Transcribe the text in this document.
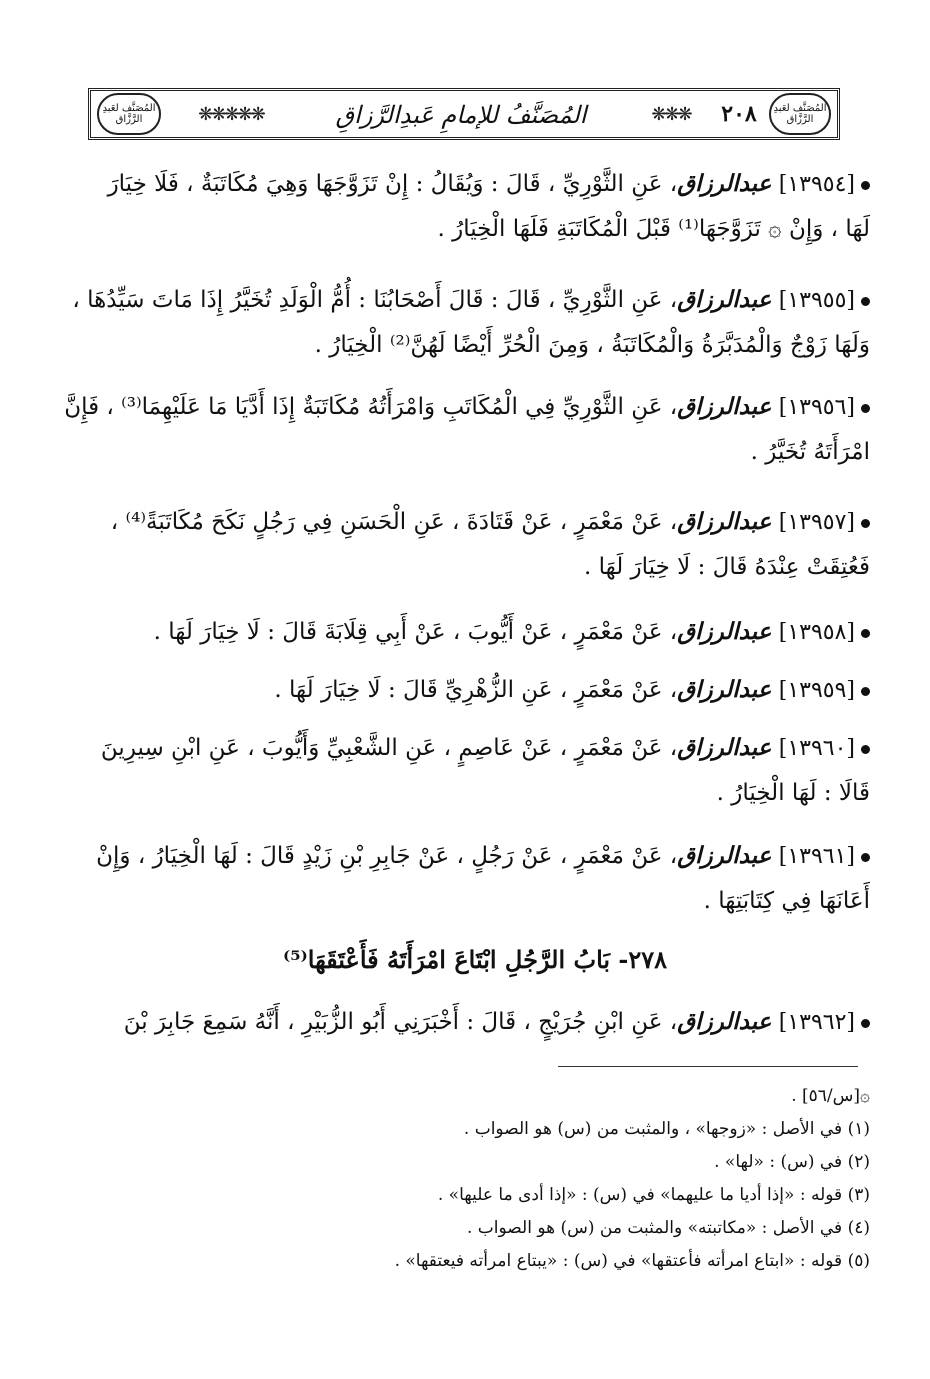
المُصَنَّف لعَبدِ الرَّزَّاق	❋❋❋❋❋	المُصَنَّفُ للإمامِ عَبدِالرَّزاقِ	❋❋❋	٢٠٨	المُصَنَّف لعَبدِ الرَّزَّاق
[١٣٩٥٤] عبدالرزاق، عَنِ الثَّوْرِيِّ ، قَالَ : وَيُقَالُ : إِنْ تَزَوَّجَهَا وَهِيَ مُكَاتَبَةٌ ، فَلَا خِيَارَ
لَهَا ، وَإِنْ ۞ تَزَوَّجَهَا⁽¹⁾ قَبْلَ الْمُكَاتَبَةِ فَلَهَا الْخِيَارُ .
[١٣٩٥٥] عبدالرزاق، عَنِ الثَّوْرِيِّ ، قَالَ : قَالَ أَصْحَابُنَا : أُمُّ الْوَلَدِ تُخَيَّرُ إِذَا مَاتَ سَيِّدُهَا ،
وَلَهَا زَوْجٌ وَالْمُدَبَّرَةُ وَالْمُكَاتَبَةُ ، وَمِنَ الْحُرِّ أَيْضًا لَهُنَّ⁽²⁾ الْخِيَارُ .
[١٣٩٥٦] عبدالرزاق، عَنِ الثَّوْرِيِّ فِي الْمُكَاتَبِ وَامْرَأَتُهُ مُكَاتَبَةٌ إِذَا أَدَّيَا مَا عَلَيْهِمَا⁽³⁾ ، فَإِنَّ
امْرَأَتَهُ تُخَيَّرُ .
[١٣٩٥٧] عبدالرزاق، عَنْ مَعْمَرٍ ، عَنْ قَتَادَةَ ، عَنِ الْحَسَنِ فِي رَجُلٍ نَكَحَ مُكَاتَبَةً⁽⁴⁾ ،
فَعُتِقَتْ عِنْدَهُ قَالَ : لَا خِيَارَ لَهَا .
[١٣٩٥٨] عبدالرزاق، عَنْ مَعْمَرٍ ، عَنْ أَيُّوبَ ، عَنْ أَبِي قِلَابَةَ قَالَ : لَا خِيَارَ لَهَا .
[١٣٩٥٩] عبدالرزاق، عَنْ مَعْمَرٍ ، عَنِ الزُّهْرِيِّ قَالَ : لَا خِيَارَ لَهَا .
[١٣٩٦٠] عبدالرزاق، عَنْ مَعْمَرٍ ، عَنْ عَاصِمٍ ، عَنِ الشَّعْبِيِّ وَأَيُّوبَ ، عَنِ ابْنِ سِيرِينَ
قَالَا : لَهَا الْخِيَارُ .
[١٣٩٦١] عبدالرزاق، عَنْ مَعْمَرٍ ، عَنْ رَجُلٍ ، عَنْ جَابِرِ بْنِ زَيْدٍ قَالَ : لَهَا الْخِيَارُ ، وَإِنْ
أَعَانَهَا فِي كِتَابَتِهَا .
٢٧٨- بَابُ الرَّجُلِ ابْتَاعَ امْرَأَتَهُ فَأَعْتَقَهَا⁽⁵⁾
[١٣٩٦٢] عبدالرزاق، عَنِ ابْنِ جُرَيْجٍ ، قَالَ : أَخْبَرَنِي أَبُو الزُّبَيْرِ ، أَنَّهُ سَمِعَ جَابِرَ بْنَ
۞[س/٥٦] .
(١) في الأصل : «زوجها» ، والمثبت من (س) هو الصواب .
(٢) في (س) : «لها» .
(٣) قوله : «إذا أديا ما عليهما» في (س) : «إذا أدى ما عليها» .
(٤) في الأصل : «مكاتبته» والمثبت من (س) هو الصواب .
(٥) قوله : «ابتاع امرأته فأعتقها» في (س) : «يبتاع امرأته فيعتقها» .
